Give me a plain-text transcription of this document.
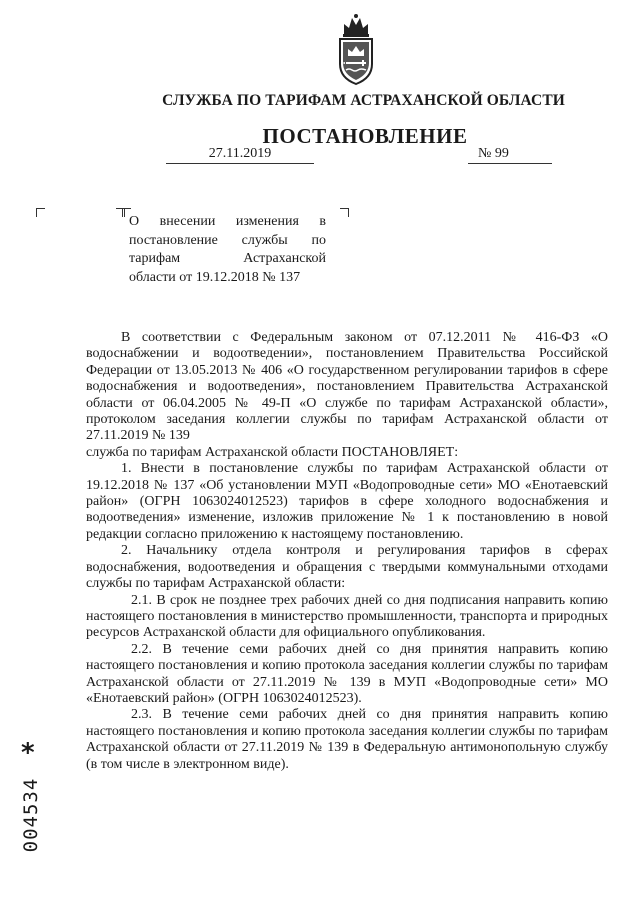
СЛУЖБА ПО ТАРИФАМ АСТРАХАНСКОЙ ОБЛАСТИ
ПОСТАНОВЛЕНИЕ
27.11.2019	№ 99
О внесении изменения в
постановление службы по
тарифам Астраханской
области от 19.12.2018 № 137

В соответствии с Федеральным законом от 07.12.2011 № 416-ФЗ «О водоснабжении и водоотведении», постановлением Правительства Российской Федерации от 13.05.2013 № 406 «О государственном регулировании тарифов в сфере водоснабжения и водоотведения», постановлением Правительства Астраханской области от 06.04.2005 № 49-П «О службе по тарифам Астраханской области», протоколом заседания коллегии службы по тарифам Астраханской области от 27.11.2019 № 139

служба по тарифам Астраханской области ПОСТАНОВЛЯЕТ:

1. Внести в постановление службы по тарифам Астраханской области от 19.12.2018 № 137 «Об установлении МУП «Водопроводные сети» МО «Енотаевский район» (ОГРН 1063024012523) тарифов в сфере холодного водоснабжения и водоотведения» изменение, изложив приложение № 1 к постановлению в новой редакции согласно приложению к настоящему постановлению.

2. Начальнику отдела контроля и регулирования тарифов в сферах водоснабжения, водоотведения и обращения с твердыми коммунальными отходами службы по тарифам Астраханской области:

2.1. В срок не позднее трех рабочих дней со дня подписания направить копию настоящего постановления в министерство промышленности, транспорта и природных ресурсов Астраханской области для официального опубликования.

2.2. В течение семи рабочих дней со дня принятия направить копию настоящего постановления и копию протокола заседания коллегии службы по тарифам Астраханской области от 27.11.2019 № 139 в МУП «Водопроводные сети» МО «Енотаевский район» (ОГРН 1063024012523).

2.3. В течение семи рабочих дней со дня принятия направить копию настоящего постановления и копию протокола заседания коллегии службы по тарифам Астраханской области от 27.11.2019 № 139 в Федеральную антимонопольную службу (в том числе в электронном виде).

*
004534
